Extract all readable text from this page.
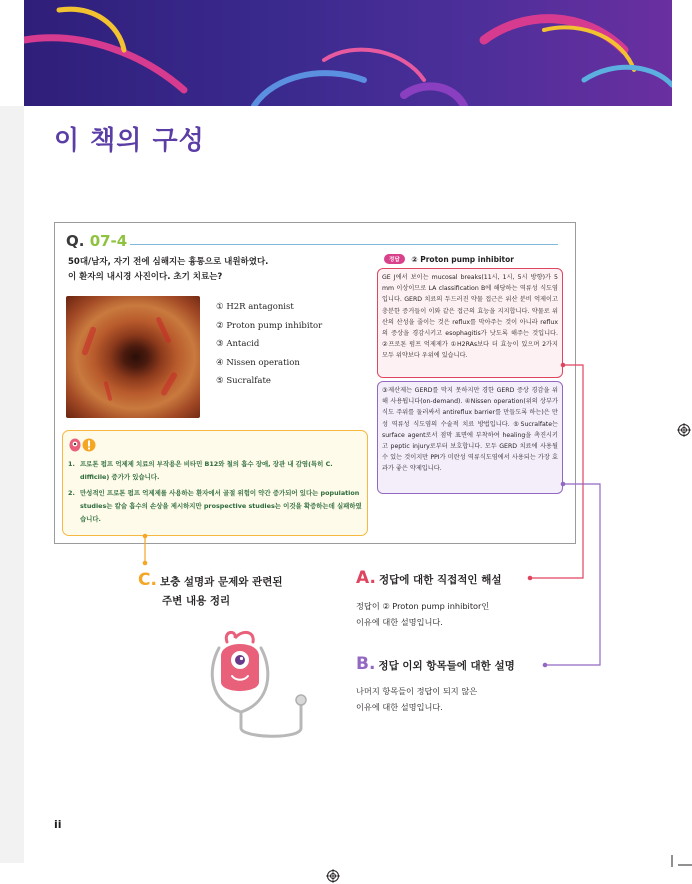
이 책의 구성
Q. 07-4
50대/남자, 자기 전에 심해지는 흉통으로 내원하였다.
이 환자의 내시경 사진이다. 초기 치료는?
① H2R antagonist
② Proton pump inhibitor
③ Antacid
④ Nissen operation
⑤ Sucralfate
1. 프로톤 펌프 억제제 치료의 부작용은 비타민 B12와 철의 흡수 장애, 장관 내 감염(특히 C. difficile) 증가가 있습니다.
2. 만성적인 프로톤 펌프 억제제를 사용하는 환자에서 골절 위험이 약간 증가되어 있다는 population studies는 칼슘 흡수의 손상을 제시하지만 prospective studies는 이것을 확증하는데 실패하였습니다.
정답 ② Proton pump inhibitor
GE J에서 보이는 mucosal breaks(11시, 1시, 5시 방향)가 5 mm 이상이므로 LA classification B에 해당하는 역류성 식도염입니다. GERD 치료의 두드러진 약물 접근은 위산 분비 억제이고 충분한 증거들이 이와 같은 접근의 효능을 지지합니다. 약물로 위산의 산성을 줄이는 것은 reflux를 막아주는 것이 아니라 reflux의 증상을 경감시키고 esophagitis가 낫도록 해주는 것입니다. ②프로톤 펌프 억제제가 ①H2RAs보다 더 효능이 있으며 2가지 모두 위약보다 우위에 있습니다.
③제산제는 GERD를 막지 못하지만 경한 GERD 증상 경감을 위해 사용됩니다(on-demand). ④Nissen operation(위의 상부가 식도 주위를 둘러싸서 antireflux barrier를 만들도록 하는)은 만성 역류성 식도염의 수술적 치료 방법입니다. ⑤Sucralfate는 surface agent로서 점막 표면에 부착하여 healing을 촉진시키고 peptic injury로부터 보호합니다. 모두 GERD 치료에 사용될 수 있는 것이지만 PPI가 미란성 역류식도염에서 사용되는 가장 효과가 좋은 약제입니다.
C. 보충 설명과 문제와 관련된
주변 내용 정리
A. 정답에 대한 직접적인 해설
정답이 ② Proton pump inhibitor인
이유에 대한 설명입니다.
B. 정답 이외 항목들에 대한 설명
나머지 항목들이 정답이 되지 않은
이유에 대한 설명입니다.
ii
